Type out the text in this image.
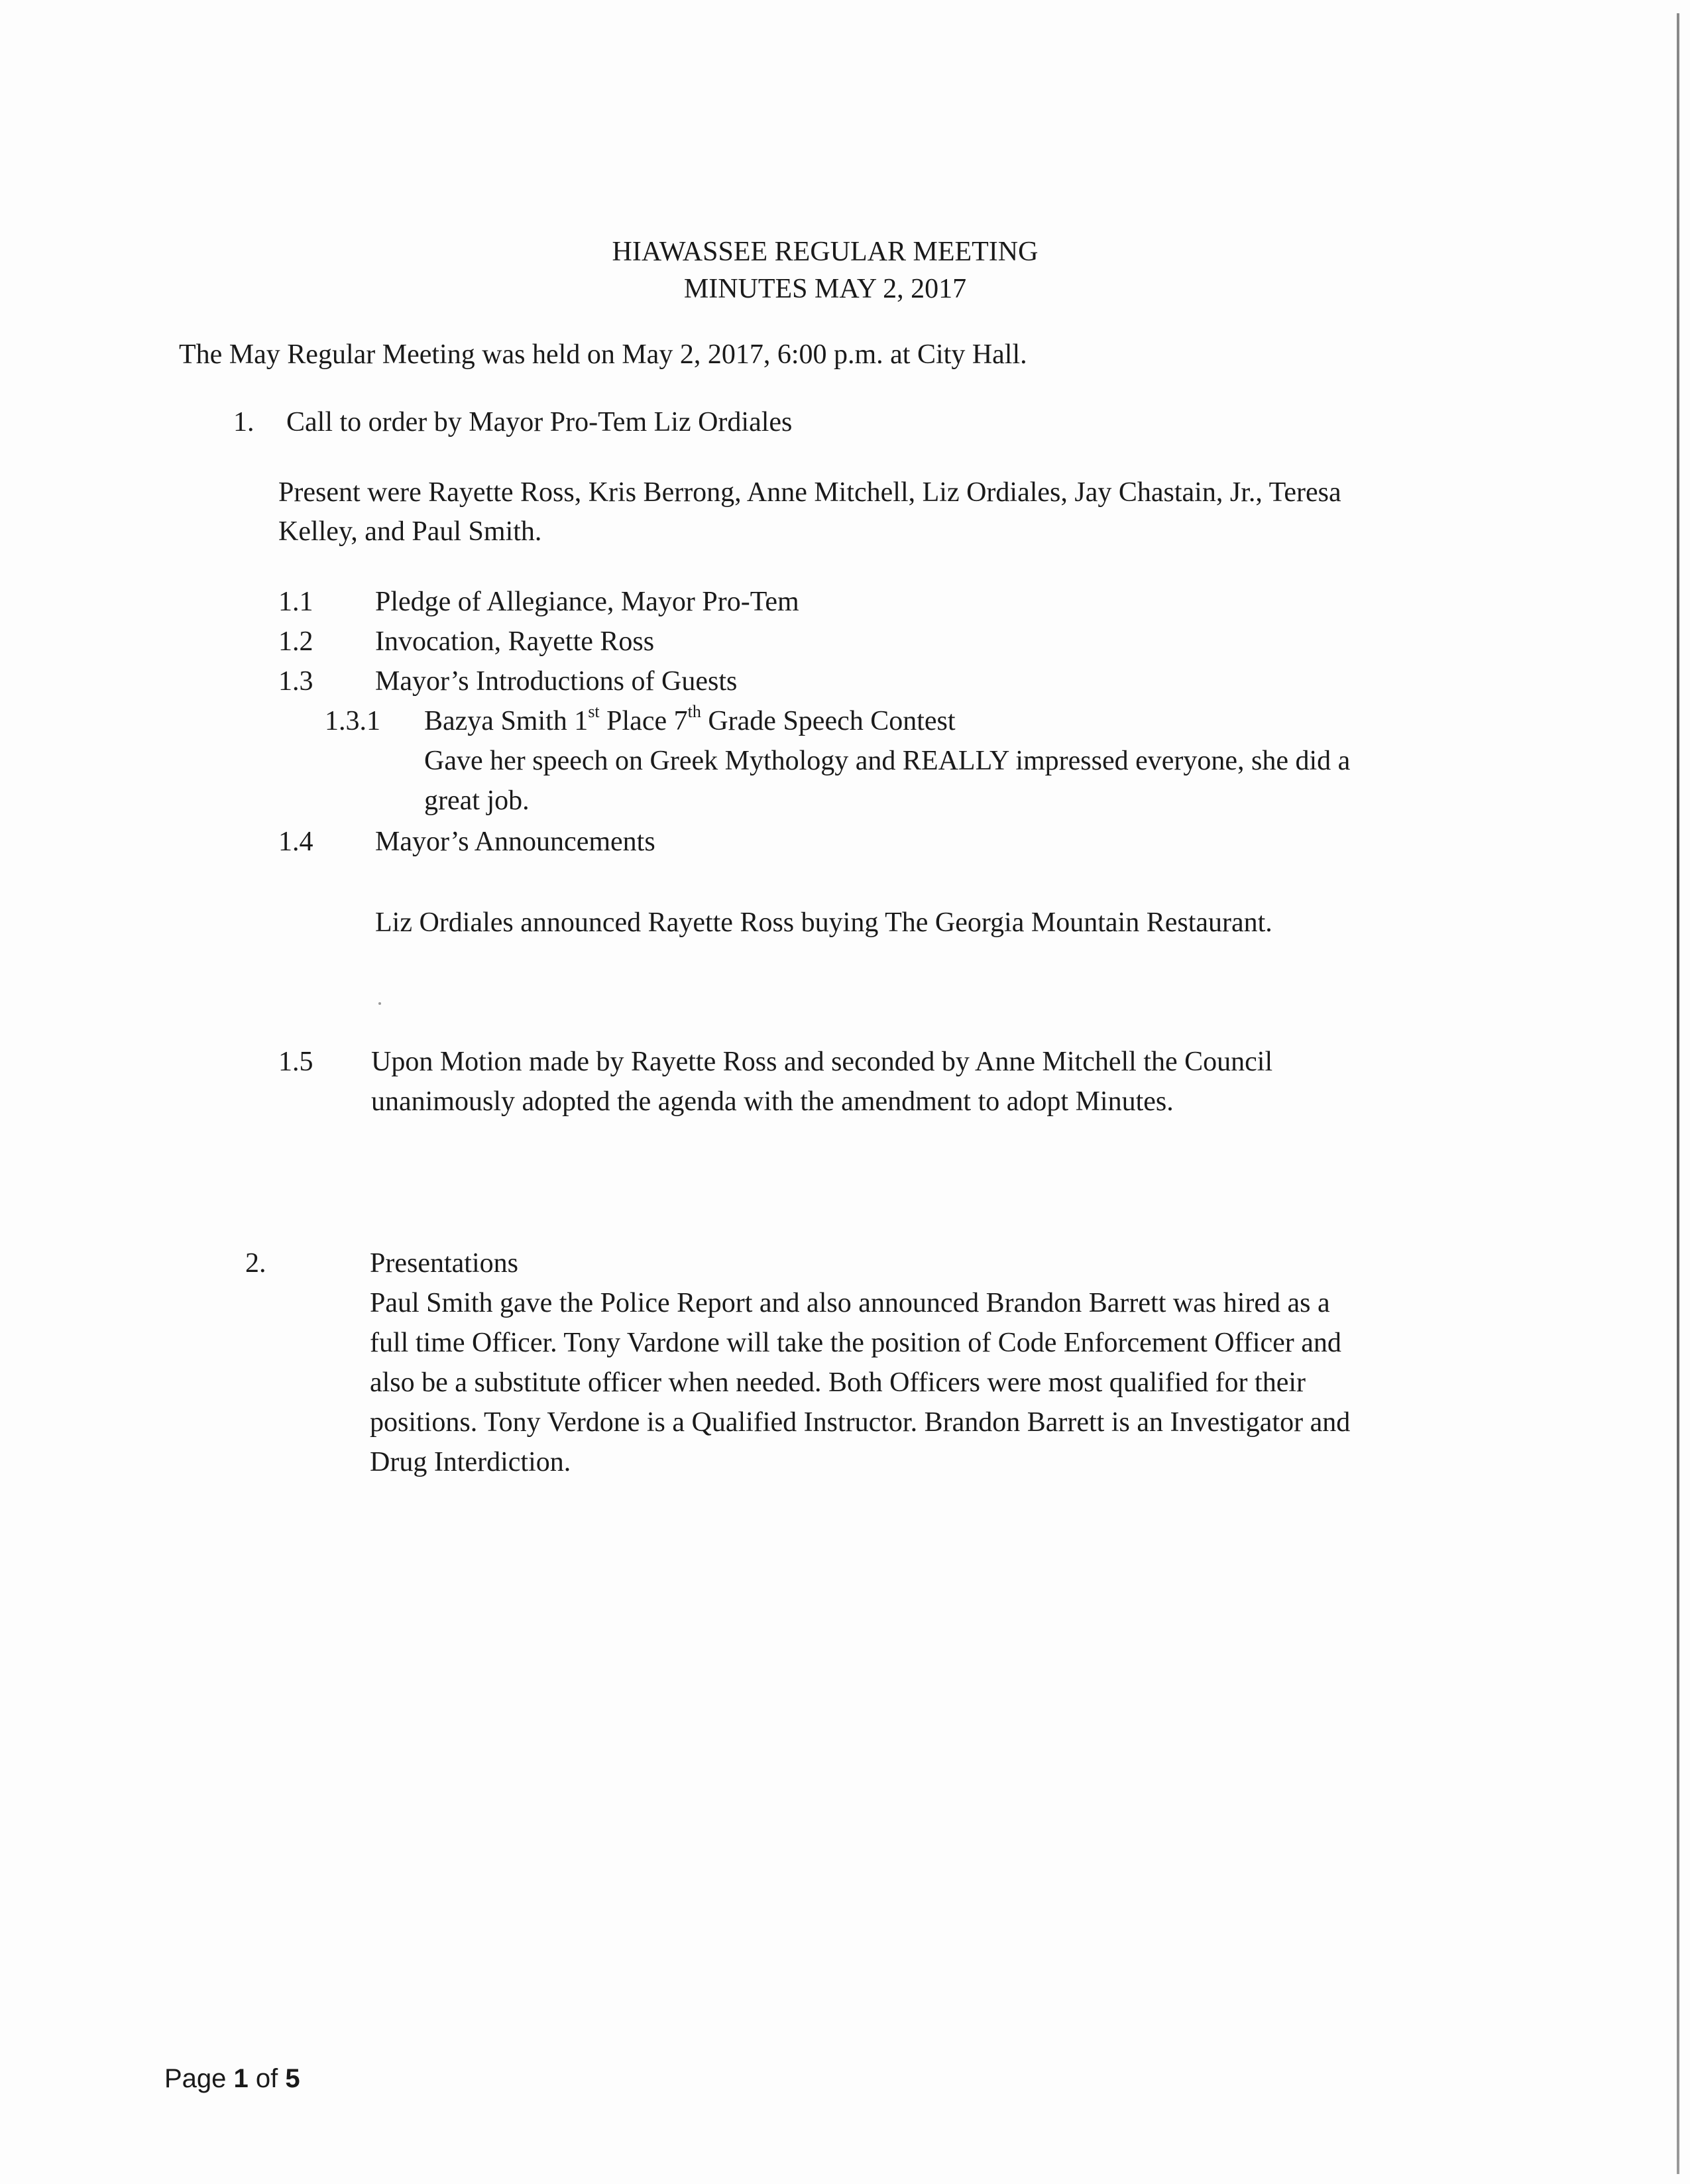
HIAWASSEE REGULAR MEETING
MINUTES MAY 2, 2017
The May Regular Meeting was held on May 2, 2017, 6:00 p.m. at City Hall.
1. Call to order by Mayor Pro-Tem Liz Ordiales
Present were Rayette Ross, Kris Berrong, Anne Mitchell, Liz Ordiales, Jay Chastain, Jr., Teresa
Kelley, and Paul Smith.
1.1 Pledge of Allegiance, Mayor Pro-Tem
1.2 Invocation, Rayette Ross
1.3 Mayor’s Introductions of Guests
1.3.1 Bazya Smith 1st Place 7th Grade Speech Contest
Gave her speech on Greek Mythology and REALLY impressed everyone, she did a
great job.
1.4 Mayor’s Announcements
Liz Ordiales announced Rayette Ross buying The Georgia Mountain Restaurant.
1.5 Upon Motion made by Rayette Ross and seconded by Anne Mitchell the Council
unanimously adopted the agenda with the amendment to adopt Minutes.
2.	Presentations
Paul Smith gave the Police Report and also announced Brandon Barrett was hired as a
full time Officer. Tony Vardone will take the position of Code Enforcement Officer and
also be a substitute officer when needed. Both Officers were most qualified for their
positions. Tony Verdone is a Qualified Instructor. Brandon Barrett is an Investigator and
Drug Interdiction.
Page 1 of 5
